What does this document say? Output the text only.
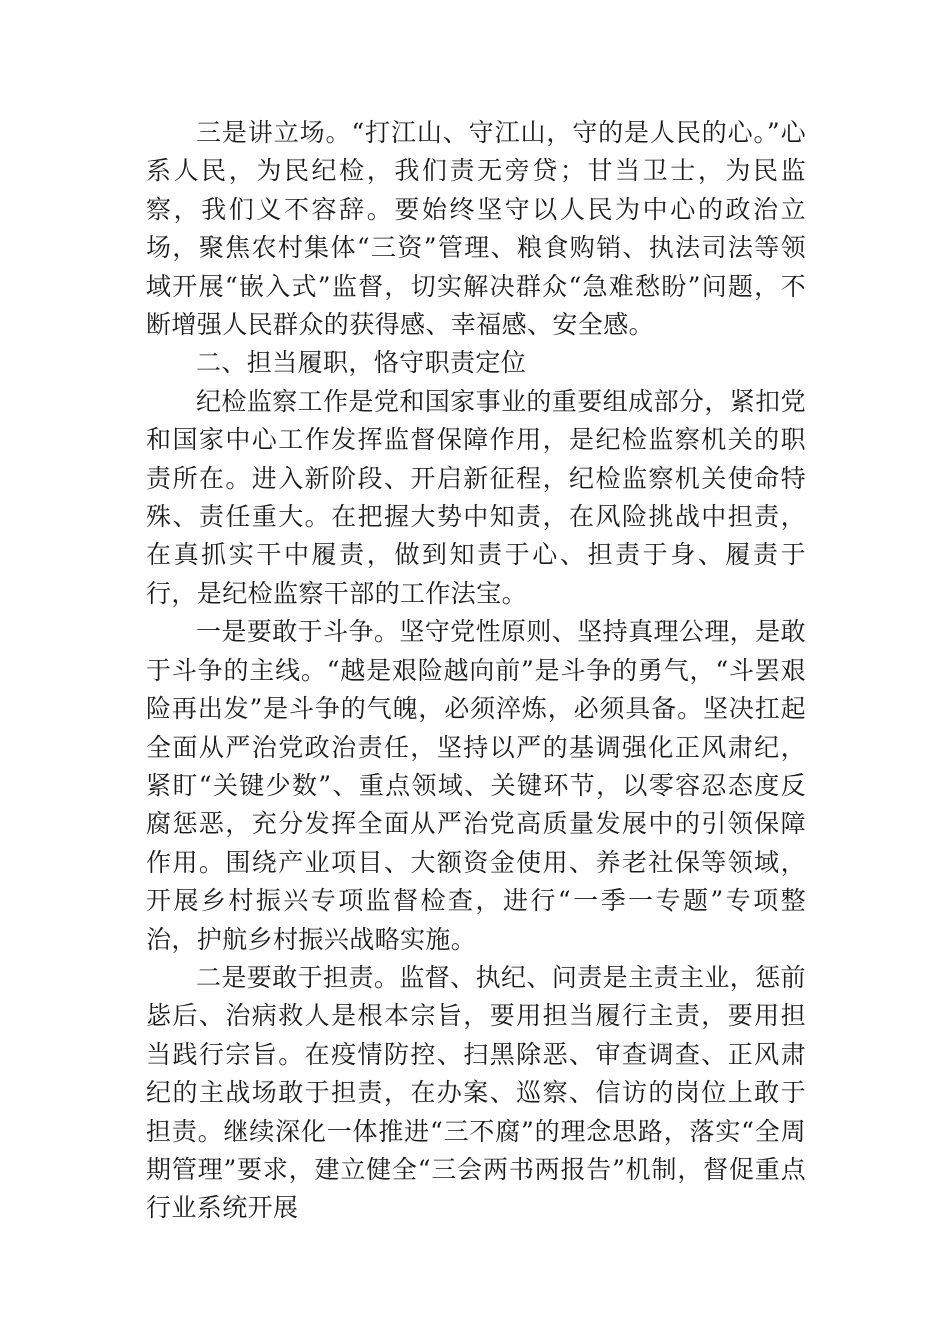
三是讲立场。“打江山、守江山，守的是人民的心。”心系人民，为民纪检，我们责无旁贷；甘当卫士，为民监察，我们义不容辞。要始终坚守以人民为中心的政治立场，聚焦农村集体“三资”管理、粮食购销、执法司法等领域开展“嵌入式”监督，切实解决群众“急难愁盼”问题，不断增强人民群众的获得感、幸福感、安全感。

二、担当履职，恪守职责定位

纪检监察工作是党和国家事业的重要组成部分，紧扣党和国家中心工作发挥监督保障作用，是纪检监察机关的职责所在。进入新阶段、开启新征程，纪检监察机关使命特殊、责任重大。在把握大势中知责，在风险挑战中担责，在真抓实干中履责，做到知责于心、担责于身、履责于行，是纪检监察干部的工作法宝。

一是要敢于斗争。坚守党性原则、坚持真理公理，是敢于斗争的主线。“越是艰险越向前”是斗争的勇气，“斗罢艰险再出发”是斗争的气魄，必须淬炼，必须具备。坚决扛起全面从严治党政治责任，坚持以严的基调强化正风肃纪，紧盯“关键少数”、重点领域、关键环节，以零容忍态度反腐惩恶，充分发挥全面从严治党高质量发展中的引领保障作用。围绕产业项目、大额资金使用、养老社保等领域，开展乡村振兴专项监督检查，进行“一季一专题”专项整治，护航乡村振兴战略实施。

二是要敢于担责。监督、执纪、问责是主责主业，惩前毖后、治病救人是根本宗旨，要用担当履行主责，要用担当践行宗旨。在疫情防控、扫黑除恶、审查调查、正风肃纪的主战场敢于担责，在办案、巡察、信访的岗位上敢于担责。继续深化一体推进“三不腐”的理念思路，落实“全周期管理”要求，建立健全“三会两书两报告”机制，督促重点行业系统开展
